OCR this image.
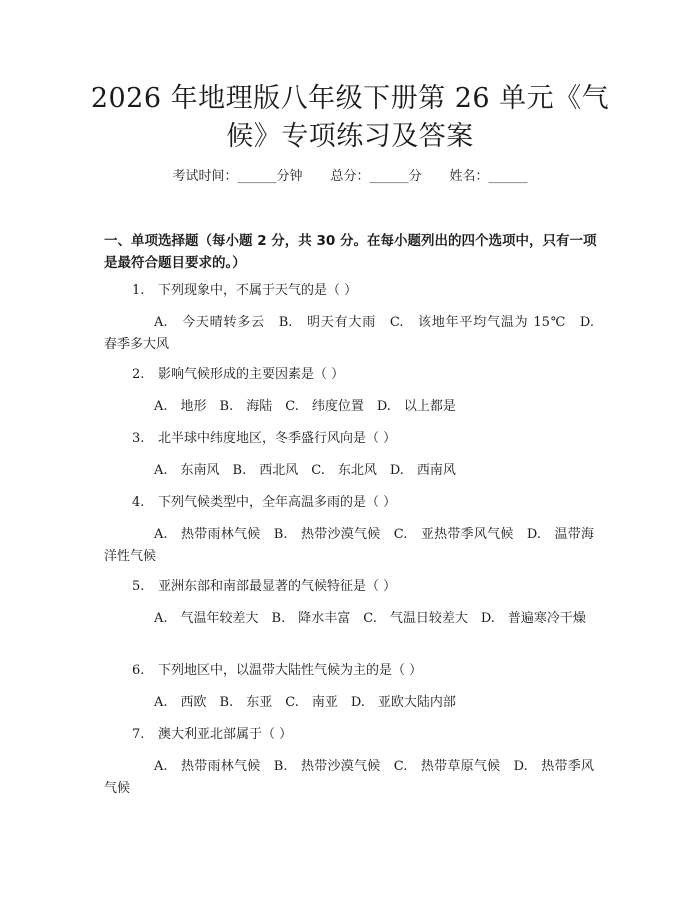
2026 年地理版八年级下册第 26 单元《气
候》专项练习及答案
考试时间：______分钟 总分：______分 姓名：______
一、单项选择题（每小题 2 分，共 30 分。在每小题列出的四个选项中，只有一项是最符合题目要求的。）
1. 下列现象中，不属于天气的是（ ）
A.　今天晴转多云　B.　明天有大雨　C.　该地年平均气温为 15℃　D.　春季多大风
2. 影响气候形成的主要因素是（ ）
A.　地形　B.　海陆　C.　纬度位置　D.　以上都是
3. 北半球中纬度地区，冬季盛行风向是（ ）
A.　东南风　B.　西北风　C.　东北风　D.　西南风
4. 下列气候类型中，全年高温多雨的是（ ）
A.　热带雨林气候　B.　热带沙漠气候　C.　亚热带季风气候　D.　温带海洋性气候
5. 亚洲东部和南部最显著的气候特征是（ ）
A.　气温年较差大　B.　降水丰富　C.　气温日较差大　D.　普遍寒冷干燥
6. 下列地区中，以温带大陆性气候为主的是（ ）
A.　西欧　B.　东亚　C.　南亚　D.　亚欧大陆内部
7. 澳大利亚北部属于（ ）
A.　热带雨林气候　B.　热带沙漠气候　C.　热带草原气候　D.　热带季风气候
